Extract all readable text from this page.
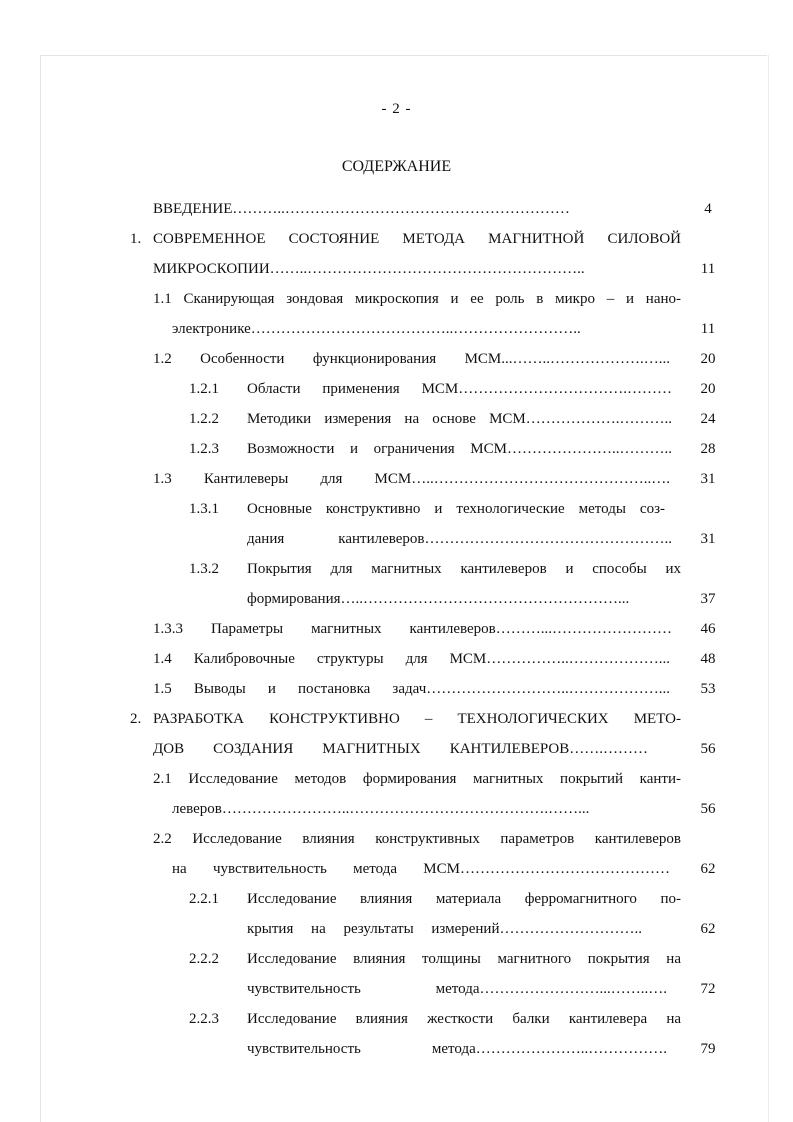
- 2 -
СОДЕРЖАНИЕ
ВВЕДЕНИЕ………..…………………………………………………	4
1. СОВРЕМЕННОЕ СОСТОЯНИЕ МЕТОДА МАГНИТНОЙ СИЛОВОЙ
МИКРОСКОПИИ……..………………………………………………..	11
1.1 Сканирующая зондовая микроскопия и ее роль в микро – и нано-
электронике…………………………………..……………………..	11
1.2 Особенности функционирования МСМ...……..……………….…...	20
1.2.1	Области применения МСМ…………………………….………	20
1.2.2	Методики измерения на основе МСМ……………….………..	24
1.2.3	Возможности и ограничения МСМ…………………..………..	28
1.3 Кантилеверы для МСМ…..……………………………………..….	31
1.3.1	Основные конструктивно и технологические методы соз-
дания кантилеверов…………………………………………..	31
1.3.2	Покрытия для магнитных кантилеверов и способы их
формирования…..……………………………………………...	37
1.3.3 Параметры магнитных кантилеверов………...……………………	46
1.4 Калибровочные структуры для МСМ……………..………………...	48
1.5 Выводы и постановка задач………………………..………………...	53
2. РАЗРАБОТКА КОНСТРУКТИВНО – ТЕХНОЛОГИЧЕСКИХ МЕТО-
ДОВ СОЗДАНИЯ МАГНИТНЫХ КАНТИЛЕВЕРОВ…….………	56
2.1 Исследование методов формирования магнитных покрытий канти-
леверов……………………..………………………………….……...	56
2.2 Исследование влияния конструктивных параметров кантилеверов
на чувствительность метода МСМ……………………………………	62
2.2.1	Исследование влияния материала ферромагнитного по-
крытия на результаты измерений………………………..	62
2.2.2	Исследование влияния толщины магнитного покрытия на
чувствительность метода……………………...……..….	72
2.2.3	Исследование влияния жесткости балки кантилевера на
чувствительность метода…………………..…………….	79
